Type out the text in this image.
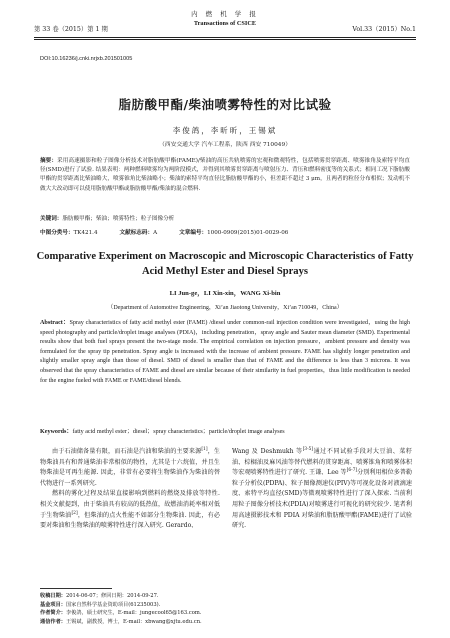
第 33 卷（2015）第 1 期
内 燃 机 学 报
Transactions of CSICE
Vol.33（2015）No.1
DOI:10.16236/j.cnki.nrjxb.201501005
脂肪酸甲酯/柴油喷雾特性的对比试验
李俊鸽，李昕昕，王锡斌
（西安交通大学 汽车工程系，陕西 西安 710049）
摘要：采用高速摄影和粒子图像分析技术对脂肪酸甲酯(FAME)/柴油的高压共轨喷雾的宏观和微观特性，包括喷雾贯穿距离、喷雾锥角及索特平均直径(SMD)进行了试验. 结果表明：两种燃料喷雾均为两阶段模式，并得到其喷雾贯穿距离与喷射压力、背压和燃料密度等的关系式；相同工况下脂肪酸甲酯的贯穿距离比柴油略大，喷雾锥角比柴油略小；柴油的索特平均直径比脂肪酸甲酯的小，但差距不超过 3 μm，且两者的粒径分布相似；发动机不做大大改动即可以使用脂肪酸甲酯或脂肪酸甲酯/柴油的混合燃料.
关键词：脂肪酸甲酯；柴油；喷雾特性；粒子图像分析
中图分类号：TK421.4	文献标志码：A	文章编号：1000-0909(2015)01-0029-06
Comparative Experiment on Macroscopic and Microscopic Characteristics of Fatty Acid Methyl Ester and Diesel Sprays
LI Jun-ge，LI Xin-xin，WANG Xi-bin
（Department of Automotive Engineering，Xi’an Jiaotong University，Xi’an 710049，China）
Abstract：Spray characteristics of fatty acid methyl ester (FAME) /diesel under common-rail injection condition were investigated，using the high speed photography and particle/droplet image analyses (PDIA)，including penetration，spray angle and Sauter mean diameter (SMD). Experimental results show that both fuel sprays present the two-stage mode. The empirical correlation on injection pressure，ambient pressure and density was formulated for the spray tip penetration. Spray angle is increased with the increase of ambient pressure. FAME has slightly longer penetration and slightly smaller spray angle than those of diesel. SMD of diesel is smaller than that of FAME and the difference is less than 3 microns. It was observed that the spray characteristics of FAME and diesel are similar because of their similarity in fuel properties，thus little modification is needed for the engine fueled with FAME or FAME/diesel blends.
Keywords：fatty acid methyl ester；diesel；spray characteristics；particle/droplet image analyses

由于石油储备量有限，而石油是汽油和柴油的主要来源[1]，生物柴油具有和普通柴油非常相似的物性，尤其是十六烷值，并且生物柴油是可再生能源. 因此，非常有必要将生物柴油作为柴油的替代物进行一系列研究.

燃料的雾化过程及结果直接影响到燃料的燃烧及排放等特性. 相关文献提到，由于柴油具有较高的低热值，故燃油消耗率相对低于生物柴油[2]，但柴油的点火性能不如部分生物柴油. 因此，有必要对柴油和生物柴油的喷雾特性进行深入研究. Gerardo、

Wang 及 Deshmukh 等[3-5]通过不同试验手段对大豆油、菜籽油、棕榈油及麻风油等替代燃料的贯穿距离、喷雾锥角和喷雾体积等宏观喷雾特性进行了研究. 王谦、Lee 等[6-7]分别利用相位多普勒粒子分析仪(PDPA)、粒子图像测速仪(PIV)等可视化设备对液滴速度、索特平均直径(SMD)等微观喷雾特性进行了深入探索. 当前利用粒子图像分析技术(PDIA)对喷雾进行可视化的研究较少. 笔者利用高速摄影技术和 PDIA 对柴油和脂肪酸甲酯(FAME)进行了试验研究.

收稿日期：2014-06-07；修回日期：2014-09-27.
基金项目：国家自然科学基金资助项目(61235003).
作者简介：李俊鸽，硕士研究生，E-mail：jungecool65@163.com.
通信作者：王锡斌，副教授，博士，E-mail：xbwang@xjtu.edu.cn.
